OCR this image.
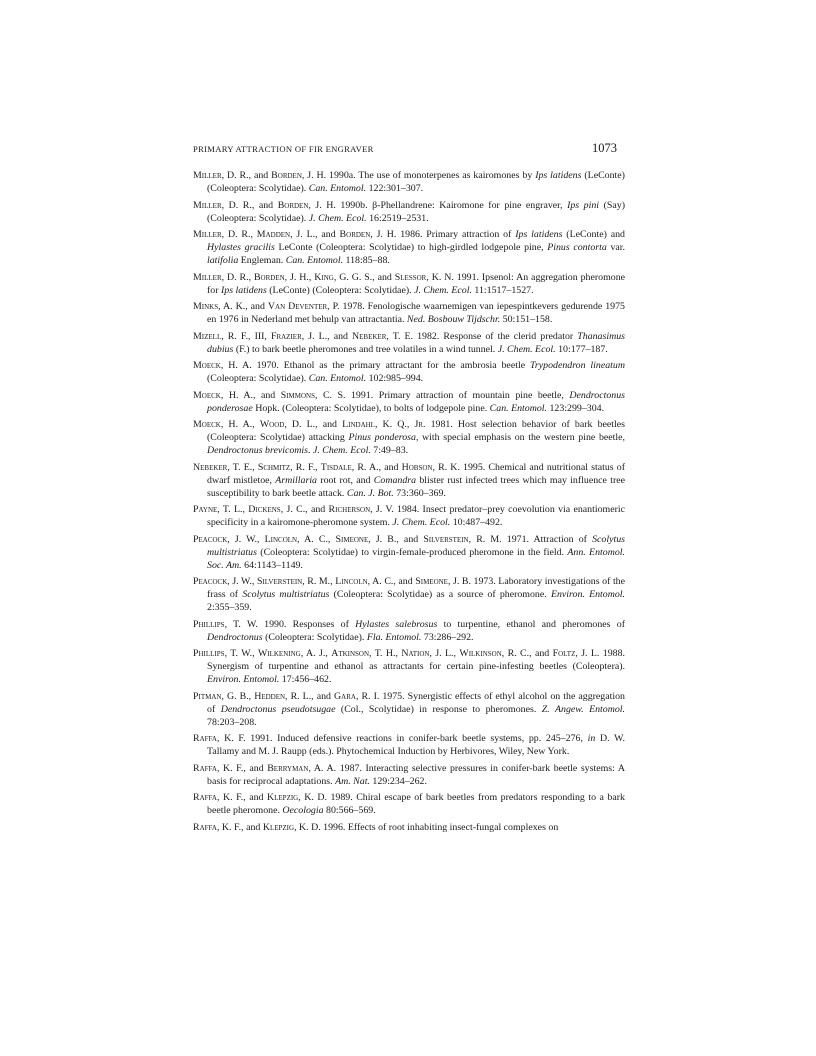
PRIMARY ATTRACTION OF FIR ENGRAVER	1073

Miller, D. R., and Borden, J. H. 1990a. The use of monoterpenes as kairomones by Ips latidens (LeConte) (Coleoptera: Scolytidae). Can. Entomol. 122:301–307.

Miller, D. R., and Borden, J. H. 1990b. β-Phellandrene: Kairomone for pine engraver, Ips pini (Say) (Coleoptera: Scolytidae). J. Chem. Ecol. 16:2519–2531.

Miller, D. R., Madden, J. L., and Borden, J. H. 1986. Primary attraction of Ips latidens (LeConte) and Hylastes gracilis LeConte (Coleoptera: Scolytidae) to high-girdled lodgepole pine, Pinus contorta var. latifolia Engleman. Can. Entomol. 118:85–88.

Miller, D. R., Borden, J. H., King, G. G. S., and Slessor, K. N. 1991. Ipsenol: An aggregation pheromone for Ips latidens (LeConte) (Coleoptera: Scolytidae). J. Chem. Ecol. 11:1517–1527.

Minks, A. K., and Van Deventer, P. 1978. Fenologische waarnemigen van iepespintkevers gedurende 1975 en 1976 in Nederland met behulp van attractantia. Ned. Bosbouw Tijdschr. 50:151–158.

Mizell, R. F., III, Frazier, J. L., and Nebeker, T. E. 1982. Response of the clerid predator Thanasimus dubius (F.) to bark beetle pheromones and tree volatiles in a wind tunnel. J. Chem. Ecol. 10:177–187.

Moeck, H. A. 1970. Ethanol as the primary attractant for the ambrosia beetle Trypodendron lineatum (Coleoptera: Scolytidae). Can. Entomol. 102:985–994.

Moeck, H. A., and Simmons, C. S. 1991. Primary attraction of mountain pine beetle, Dendroctonus ponderosae Hopk. (Coleoptera: Scolytidae), to bolts of lodgepole pine. Can. Entomol. 123:299–304.

Moeck, H. A., Wood, D. L., and Lindahl, K. Q., Jr. 1981. Host selection behavior of bark beetles (Coleoptera: Scolytidae) attacking Pinus ponderosa, with special emphasis on the western pine beetle, Dendroctonus brevicomis. J. Chem. Ecol. 7:49–83.

Nebeker, T. E., Schmitz, R. F., Tisdale, R. A., and Hobson, R. K. 1995. Chemical and nutritional status of dwarf mistletoe, Armillaria root rot, and Comandra blister rust infected trees which may influence tree susceptibility to bark beetle attack. Can. J. Bot. 73:360–369.

Payne, T. L., Dickens, J. C., and Richerson, J. V. 1984. Insect predator–prey coevolution via enantiomeric specificity in a kairomone-pheromone system. J. Chem. Ecol. 10:487–492.

Peacock, J. W., Lincoln, A. C., Simeone, J. B., and Silverstein, R. M. 1971. Attraction of Scolytus multistriatus (Coleoptera: Scolytidae) to virgin-female-produced pheromone in the field. Ann. Entomol. Soc. Am. 64:1143–1149.

Peacock, J. W., Silverstein, R. M., Lincoln, A. C., and Simeone, J. B. 1973. Laboratory investigations of the frass of Scolytus multistriatus (Coleoptera: Scolytidae) as a source of pheromone. Environ. Entomol. 2:355–359.

Phillips, T. W. 1990. Responses of Hylastes salebrosus to turpentine, ethanol and pheromones of Dendroctonus (Coleoptera: Scolytidae). Fla. Entomol. 73:286–292.

Phillips, T. W., Wilkening, A. J., Atkinson, T. H., Nation, J. L., Wilkinson, R. C., and Foltz, J. L. 1988. Synergism of turpentine and ethanol as attractants for certain pine-infesting beetles (Coleoptera). Environ. Entomol. 17:456–462.

Pitman, G. B., Hedden, R. L., and Gara, R. I. 1975. Synergistic effects of ethyl alcohol on the aggregation of Dendroctonus pseudotsugae (Col., Scolytidae) in response to pheromones. Z. Angew. Entomol. 78:203–208.

Raffa, K. F. 1991. Induced defensive reactions in conifer-bark beetle systems, pp. 245–276, in D. W. Tallamy and M. J. Raupp (eds.). Phytochemical Induction by Herbivores, Wiley, New York.

Raffa, K. F., and Berryman, A. A. 1987. Interacting selective pressures in conifer-bark beetle systems: A basis for reciprocal adaptations. Am. Nat. 129:234–262.

Raffa, K. F., and Klepzig, K. D. 1989. Chiral escape of bark beetles from predators responding to a bark beetle pheromone. Oecologia 80:566–569.

Raffa, K. F., and Klepzig, K. D. 1996. Effects of root inhabiting insect-fungal complexes on
